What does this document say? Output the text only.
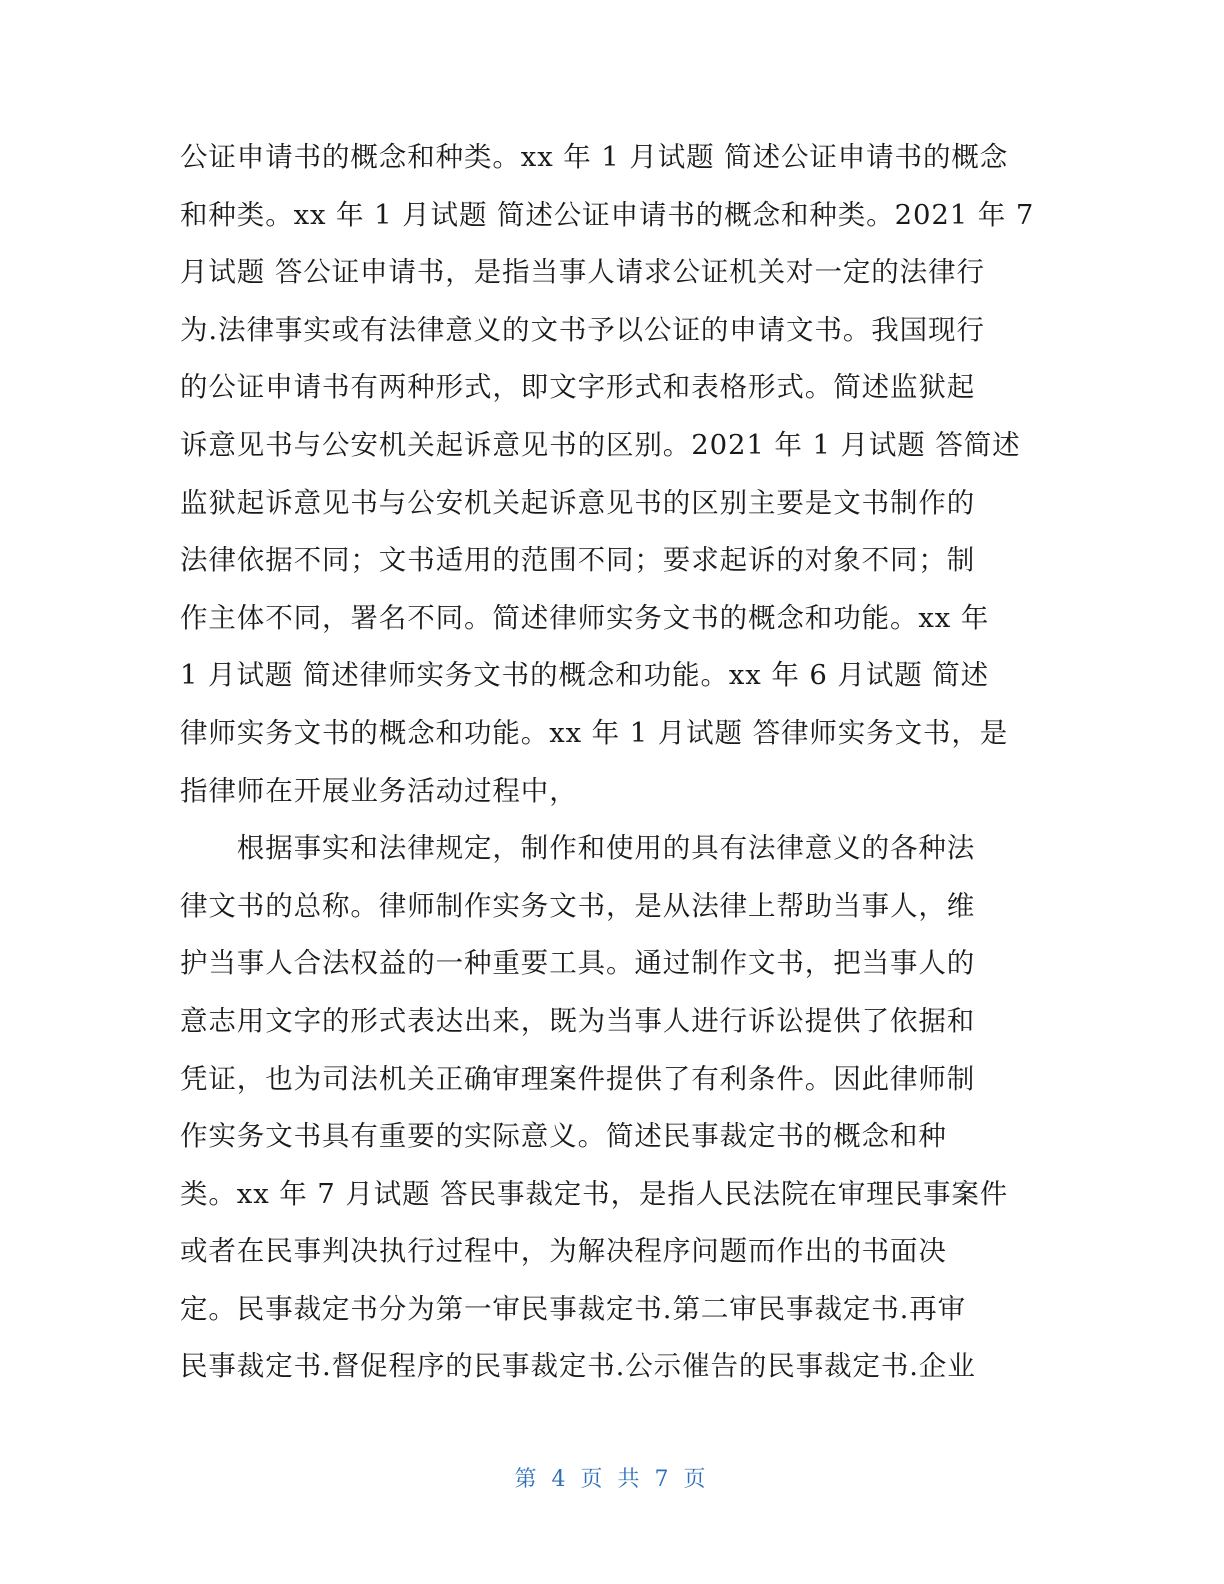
公证申请书的概念和种类。xx 年 1 月试题 简述公证申请书的概念
和种类。xx 年 1 月试题 简述公证申请书的概念和种类。2021 年 7
月试题 答公证申请书，是指当事人请求公证机关对一定的法律行
为.法律事实或有法律意义的文书予以公证的申请文书。我国现行
的公证申请书有两种形式，即文字形式和表格形式。简述监狱起
诉意见书与公安机关起诉意见书的区别。2021 年 1 月试题 答简述
监狱起诉意见书与公安机关起诉意见书的区别主要是文书制作的
法律依据不同；文书适用的范围不同；要求起诉的对象不同；制
作主体不同，署名不同。简述律师实务文书的概念和功能。xx 年
1 月试题 简述律师实务文书的概念和功能。xx 年 6 月试题 简述
律师实务文书的概念和功能。xx 年 1 月试题 答律师实务文书，是
指律师在开展业务活动过程中，
　　根据事实和法律规定，制作和使用的具有法律意义的各种法
律文书的总称。律师制作实务文书，是从法律上帮助当事人，维
护当事人合法权益的一种重要工具。通过制作文书，把当事人的
意志用文字的形式表达出来，既为当事人进行诉讼提供了依据和
凭证，也为司法机关正确审理案件提供了有利条件。因此律师制
作实务文书具有重要的实际意义。简述民事裁定书的概念和种
类。xx 年 7 月试题 答民事裁定书，是指人民法院在审理民事案件
或者在民事判决执行过程中，为解决程序问题而作出的书面决
定。民事裁定书分为第一审民事裁定书.第二审民事裁定书.再审
民事裁定书.督促程序的民事裁定书.公示催告的民事裁定书.企业
第 4 页 共 7 页
